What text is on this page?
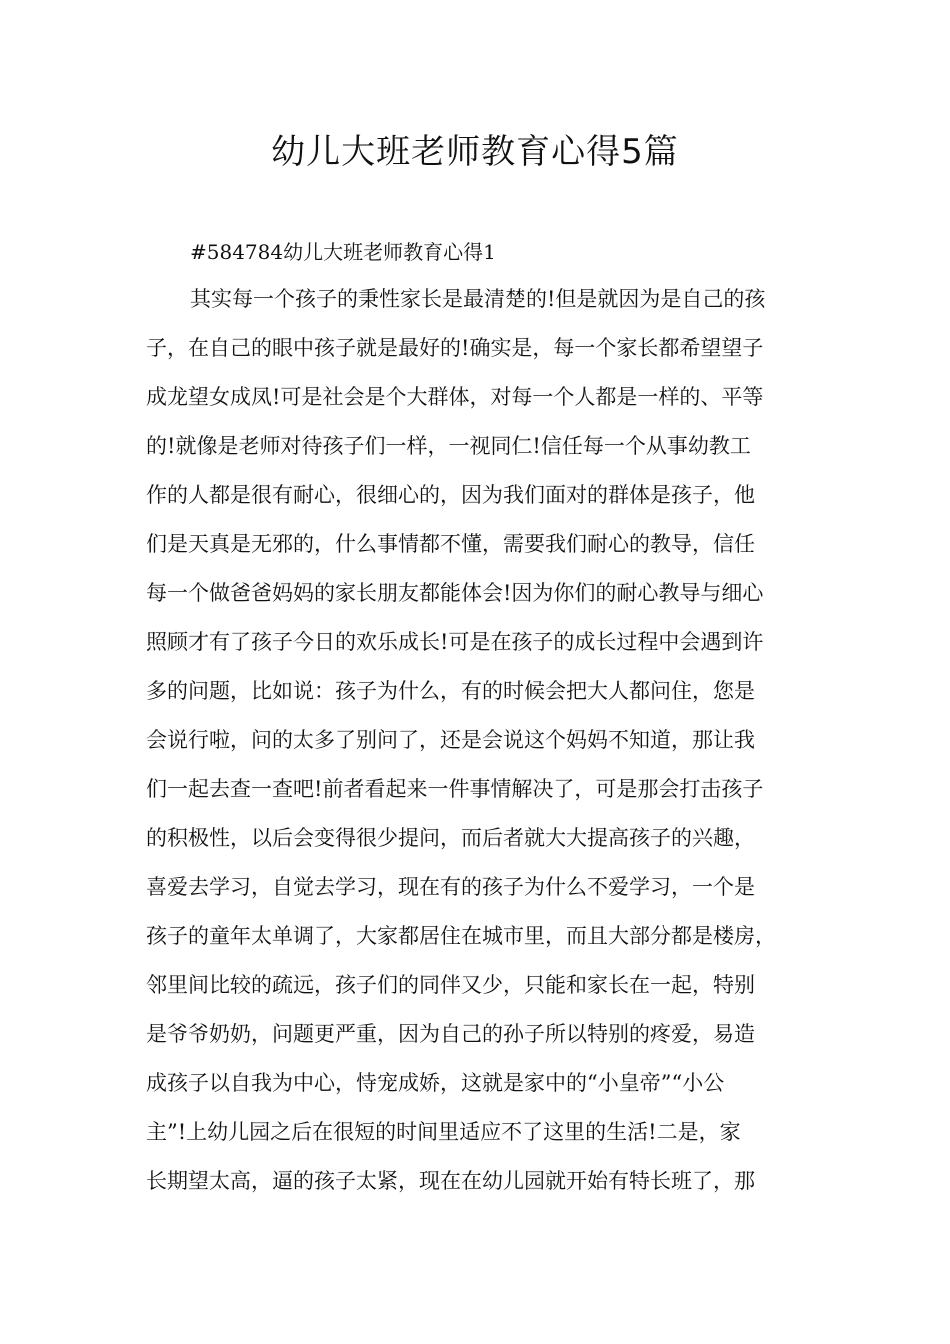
幼儿大班老师教育心得5篇
#584784幼儿大班老师教育心得1
其实每一个孩子的秉性家长是最清楚的!但是就因为是自己的孩
子，在自己的眼中孩子就是最好的!确实是，每一个家长都希望望子
成龙望女成凤!可是社会是个大群体，对每一个人都是一样的、平等
的!就像是老师对待孩子们一样，一视同仁!信任每一个从事幼教工
作的人都是很有耐心，很细心的，因为我们面对的群体是孩子，他
们是天真是无邪的，什么事情都不懂，需要我们耐心的教导，信任
每一个做爸爸妈妈的家长朋友都能体会!因为你们的耐心教导与细心
照顾才有了孩子今日的欢乐成长!可是在孩子的成长过程中会遇到许
多的问题，比如说：孩子为什么，有的时候会把大人都问住，您是
会说行啦，问的太多了别问了，还是会说这个妈妈不知道，那让我
们一起去查一查吧!前者看起来一件事情解决了，可是那会打击孩子
的积极性，以后会变得很少提问，而后者就大大提高孩子的兴趣，
喜爱去学习，自觉去学习，现在有的孩子为什么不爱学习，一个是
孩子的童年太单调了，大家都居住在城市里，而且大部分都是楼房，
邻里间比较的疏远，孩子们的同伴又少，只能和家长在一起，特别
是爷爷奶奶，问题更严重，因为自己的孙子所以特别的疼爱，易造
成孩子以自我为中心，恃宠成娇，这就是家中的“小皇帝”“小公
主”!上幼儿园之后在很短的时间里适应不了这里的生活!二是，家
长期望太高，逼的孩子太紧，现在在幼儿园就开始有特长班了，那
